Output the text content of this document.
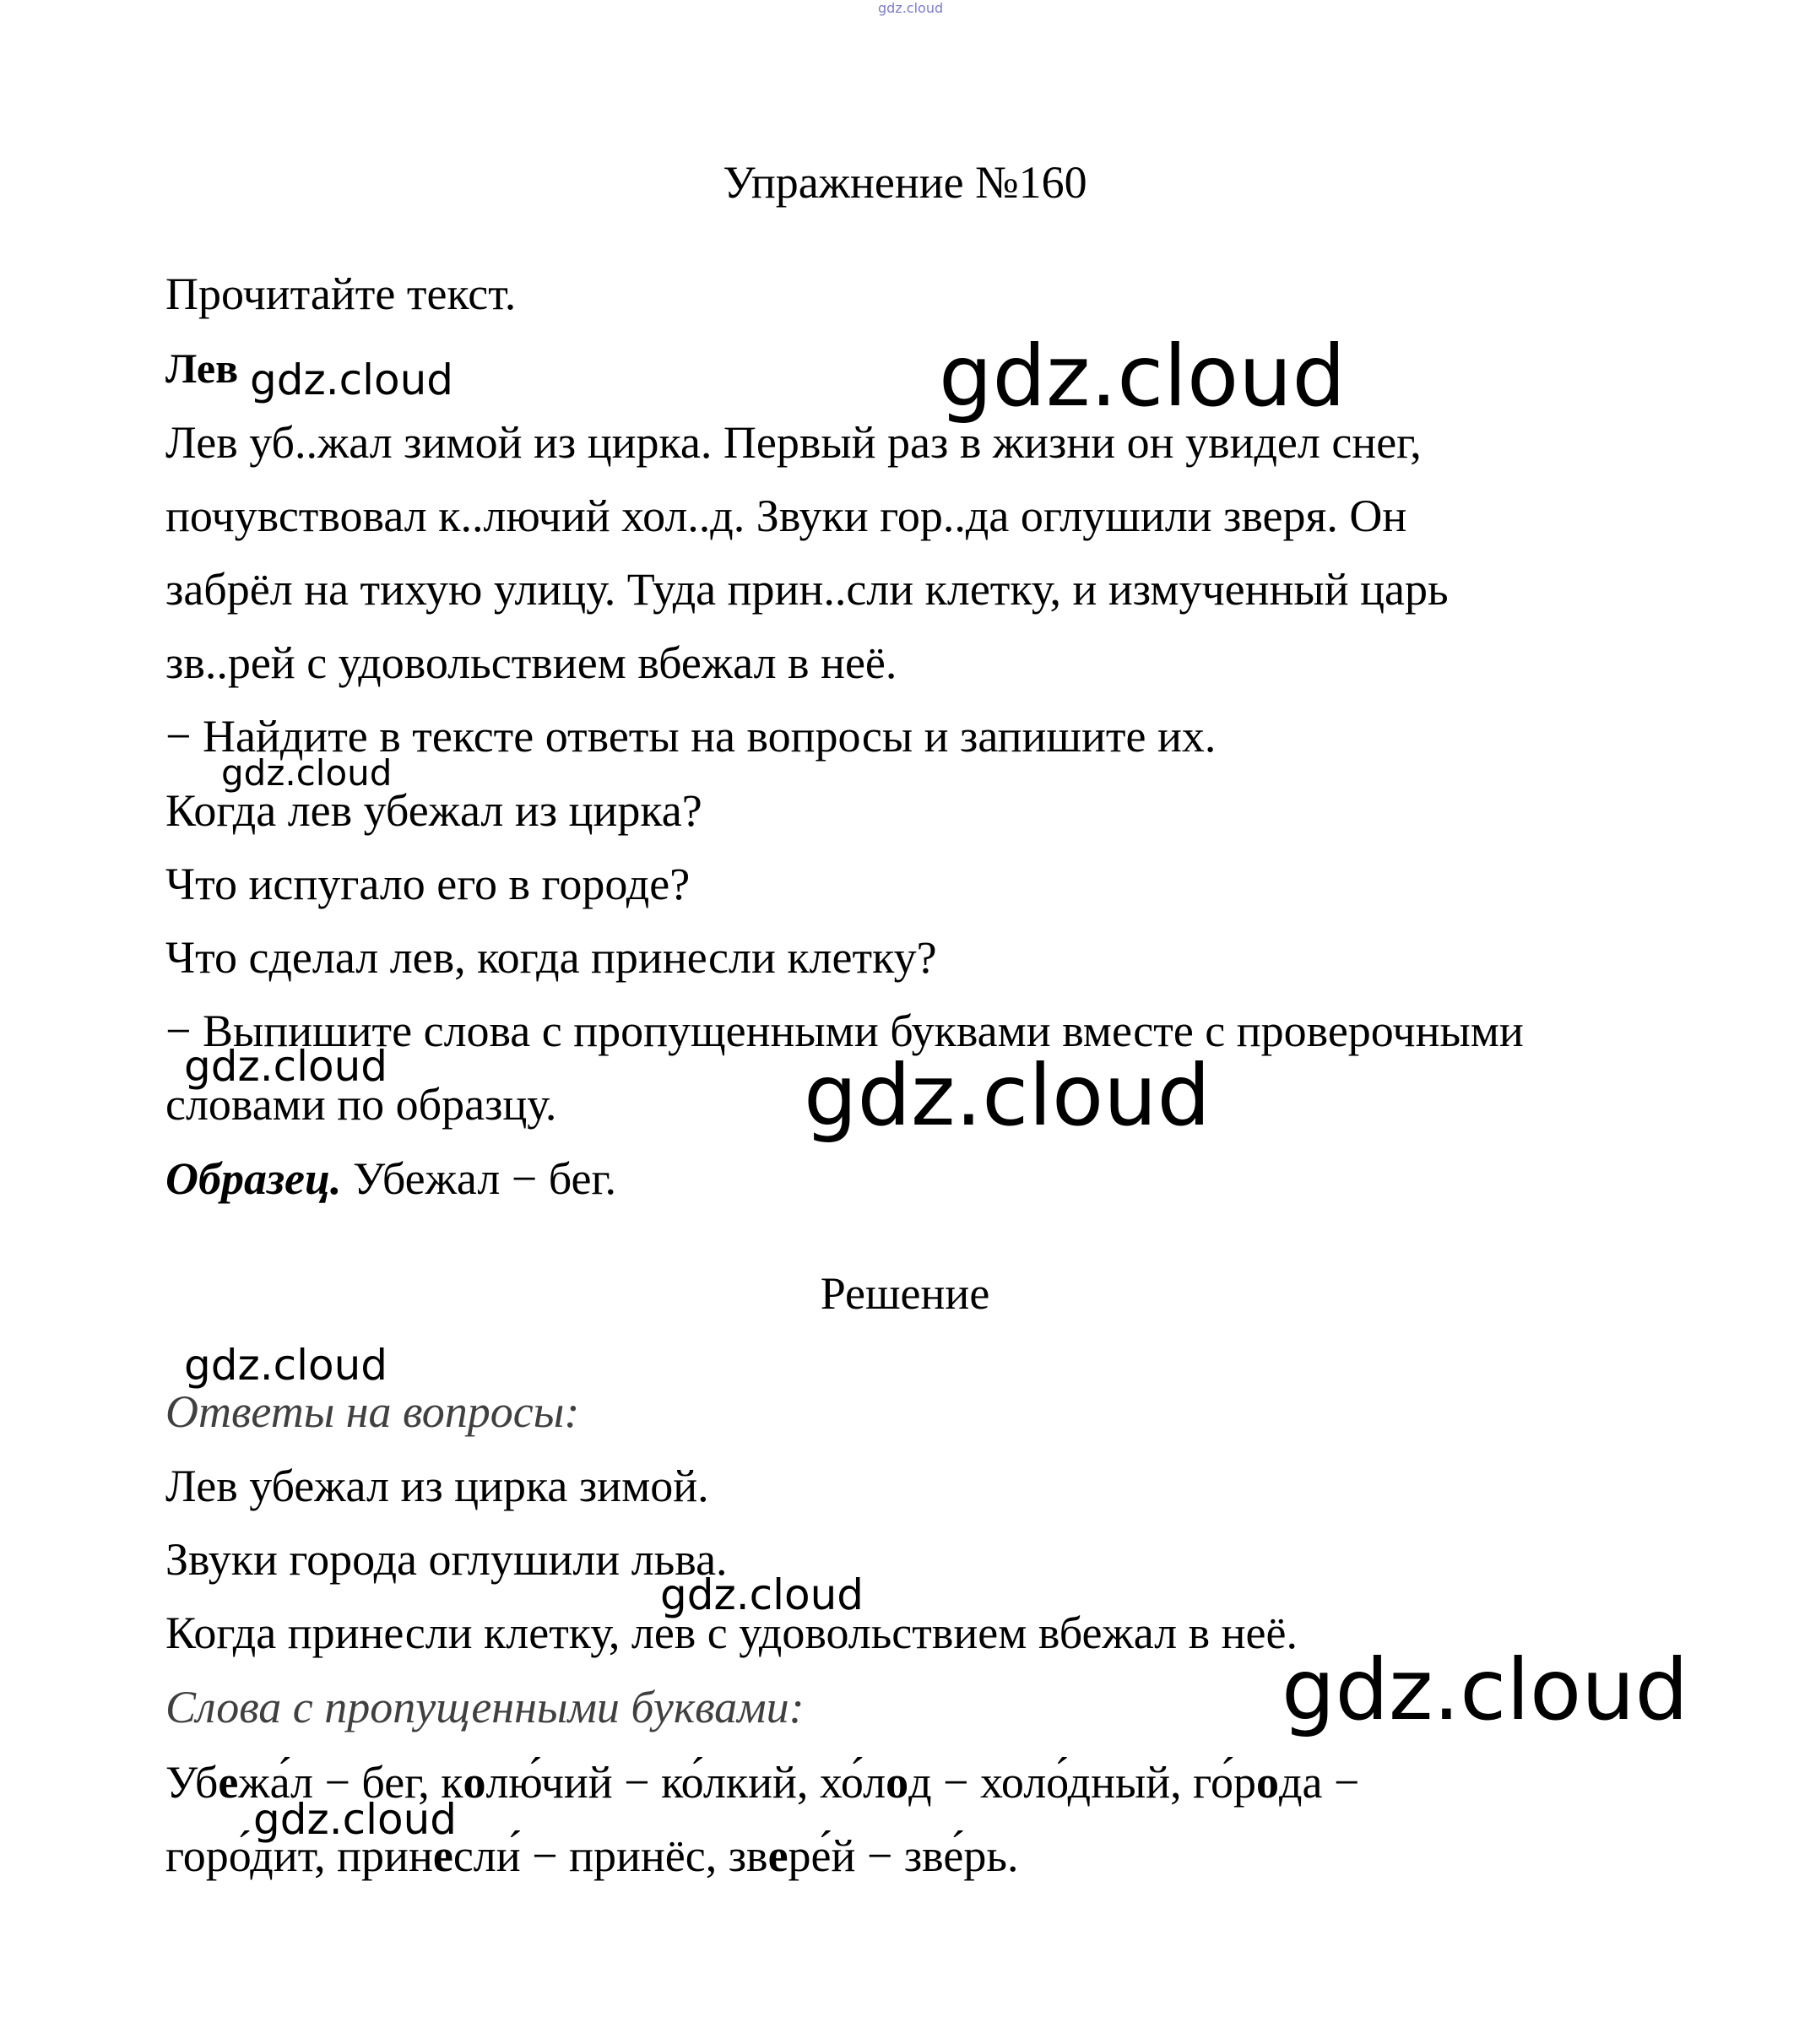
gdz.cloud

Упражнение №160

Прочитайте текст.

Лев

Лев уб..жал зимой из цирка. Первый раз в жизни он увидел снег,

почувствовал к..лючий хол..д. Звуки гор..да оглушили зверя. Он

забрёл на тихую улицу. Туда прин..сли клетку, и измученный царь

зв..рей с удовольствием вбежал в неё.

− Найдите в тексте ответы на вопросы и запишите их.

Когда лев убежал из цирка?

Что испугало его в городе?

Что сделал лев, когда принесли клетку?

− Выпишите слова с пропущенными буквами вместе с проверочными

словами по образцу.

Образец. Убежал − бег.

Решение

Ответы на вопросы:

Лев убежал из цирка зимой.

Звуки города оглушили льва.

Когда принесли клетку, лев с удовольствием вбежал в неё.

Слова с пропущенными буквами:

Убежа́л − бег, колю́чий − ко́лкий, хо́лод − холо́дный, го́рода −

горо́дит, принесли́ − принёс, звере́й − зве́рь.

gdz.cloud	gdz.cloud
gdz.cloud
gdz.cloud	gdz.cloud
gdz.cloud
gdz.cloud
gdz.cloud
gdz.cloud
